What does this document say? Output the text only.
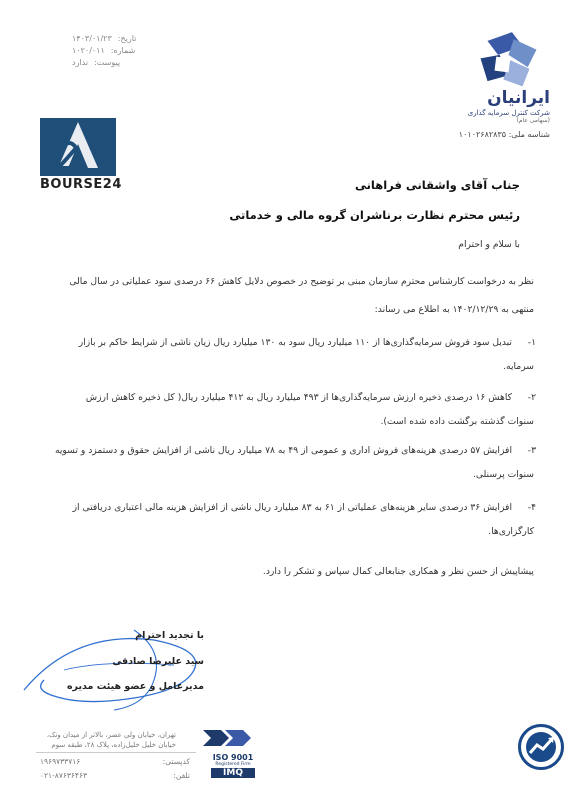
تاریخ:
۱۴۰۳/۰۱/۲۳
شماره:
۱۰۲۰/۰۱۱
پیوست:
ندارد
ایرانیان
شرکت کنترل سرمایه گذاری
(سهامی عام)
شناسه ملی: ۱۰۱۰۲۶۸۲۸۳۵
BOURSE24	جناب آقای واشقانی فراهانی
رئیس محترم نظارت برناشران گروه مالی و خدماتی
با سلام و احترام
نظر به درخواست کارشناس محترم سازمان مبنی بر توضیح در خصوص دلایل کاهش ۶۶ درصدی سود عملیاتی در سال مالی
منتهی به ۱۴۰۲/۱۲/۲۹ به اطلاع می رساند:
۱-
تبدیل سود فروش سرمایه‌گذاری‌ها از ۱۱۰ میلیارد ریال سود به ۱۳۰ میلیارد ریال زیان ناشی از شرایط حاکم بر بازار
سرمایه.
۲-
کاهش ۱۶ درصدی ذخیره ارزش سرمایه‌گذاری‌ها از ۴۹۳ میلیارد ریال به ۴۱۲ میلیارد ریال( کل ذخیره کاهش ارزش
سنوات گذشته برگشت داده شده است).
۳-
افزایش ۵۷ درصدی هزینه‌های فروش اداری و عمومی از ۴۹ به ۷۸ میلیارد ریال ناشی از افزایش حقوق و دستمزد و تسویه
سنوات پرسنلی.
۴-
افزایش ۳۶ درصدی سایر هزینه‌های عملیاتی از ۶۱ به ۸۳ میلیارد ریال ناشی از افزایش هزینه مالی اعتباری دریافتی از
کارگزاری‌ها.
پیشاپیش از حسن نظر و همکاری جنابعالی کمال سپاس و تشکر را دارد.
با تجدید احترام
سید علیرضا صادقی
مدیرعامل و عضو هیئت مدیره
تهران، خیابان ولی عصر، بالاتر از میدان ونک،
خیابان خلیل خلیل‌زاده، پلاک ۲۸، طبقه سوم
کدپستی:
۱۹۶۹۷۳۳۷۱۶
تلفن:
۰۲۱-۸۷۶۳۶۴۶۳
ISO 9001
Registered Firm
IMQ
